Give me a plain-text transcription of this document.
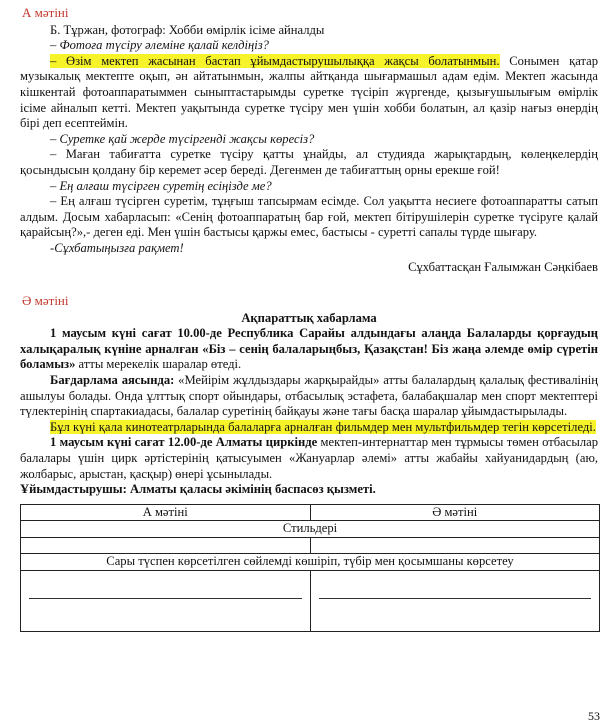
А мәтіні

Б. Тұржан, фотограф: Хобби өмірлік ісіме айналды

– Фотоға түсіру әлеміне қалай келдіңіз?

– Өзім мектеп жасынан бастап ұйымдастырушылыққа жақсы болатынмын. Сонымен қатар музыкалық мектепте оқып, ән айтатынмын, жалпы айтқанда шығармашыл адам едім. Мектеп жасында кішкентай фотоаппаратыммен сыныптастарымды суретке түсіріп жүргенде, қызығушылығым өмірлік ісіме айналып кетті. Мектеп уақытында суретке түсіру мен үшін хобби болатын, ал қазір нағыз өнердің бірі деп есептеймін.

– Суретке қай жерде түсіргенді жақсы көресіз?

– Маған табиғатта суретке түсіру қатты ұнайды, ал студияда жарықтардың, көлеңкелердің қосындысын қолдану бір керемет әсер береді. Дегенмен де табиғаттың орны ерекше ғой!

– Ең алғаш түсірген суретің есіңізде ме?

– Ең алғаш түсірген суретім, тұңғыш тапсырмам есімде. Сол уақытта несиеге фотоаппаратты сатып алдым. Досым хабарласып: «Сенің фотоаппаратың бар ғой, мектеп бітірушілерін суретке түсіруге қалай қарайсың?»,- деген еді. Мен үшін бастысы қаржы емес, бастысы - суретті сапалы түрде шығару.

-Сұхбатыңызға рақмет!

Сұхбаттасқан Ғалымжан Сәңкібаев

Ә мәтіні

Ақпараттық хабарлама

1 маусым күні сағат 10.00-де Республика Сарайы алдындағы алаңда Балаларды қорғаудың халықаралық күніне арналған «Біз – сенің балаларыңбыз, Қазақстан! Біз жаңа әлемде өмір сүретін боламыз» атты мерекелік шаралар өтеді.

Бағдарлама аясында: «Мейірім жұлдыздары жарқырайды» атты балалардың қалалық фестивалінің ашылуы болады. Онда ұлттық спорт ойындары, отбасылық эстафета, балабақшалар мен спорт мектептері түлектерінің спартакиадасы, балалар суретінің байқауы және тағы басқа шаралар ұйымдастырылады.

Бұл күні қала кинотеатрларында балаларға арналған фильмдер мен мультфильмдер тегін көрсетіледі.

1 маусым күні сағат 12.00-де Алматы циркінде мектеп-интернаттар мен тұрмысы төмен отбасылар балалары үшін цирк әртістерінің қатысуымен «Жануарлар әлемі» атты жабайы хайуанидардың (аю, жолбарыс, арыстан, қасқыр) өнері ұсынылады.

Ұйымдастырушы: Алматы қаласы әкімінің баспасөз қызметі.

А мәтіні	Ә мәтіні
Стильдері	

Сары түспен көрсетілген сөйлемді көшіріп, түбір мен қосымшаны көрсетеу	

53
